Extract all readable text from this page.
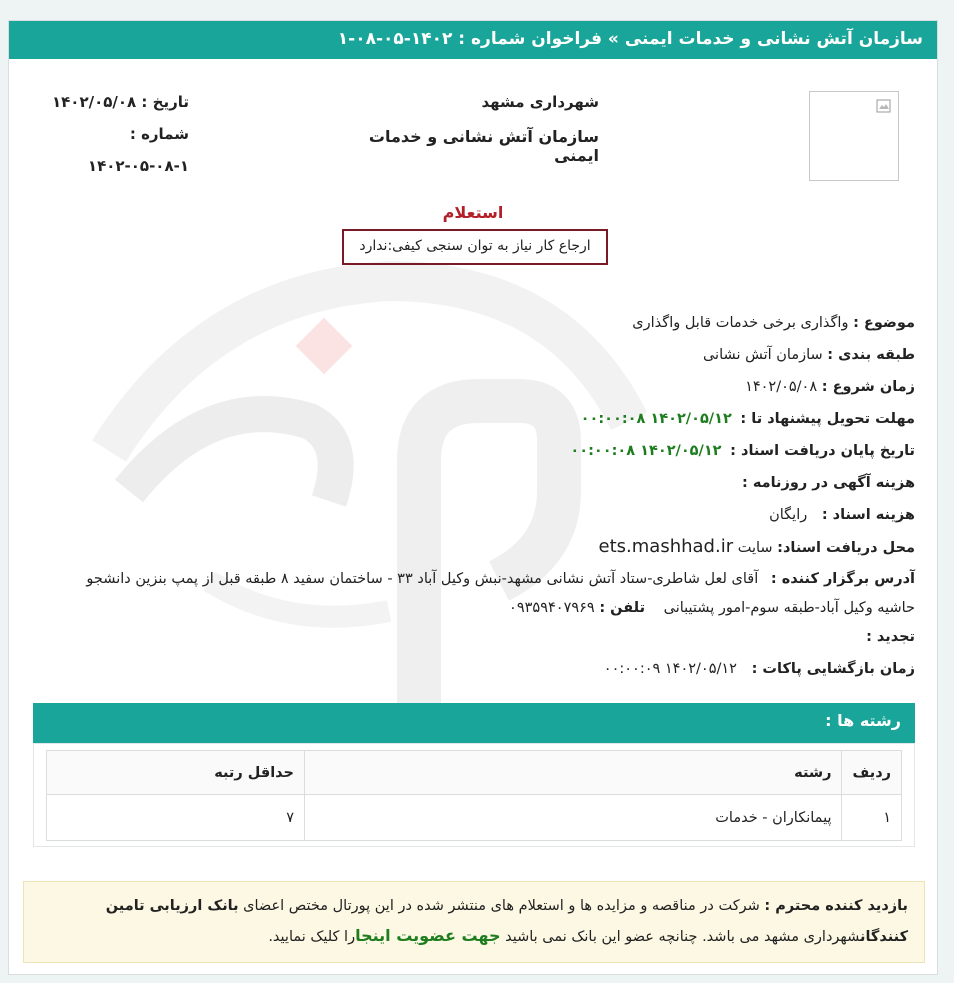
سازمان آتش نشانی و خدمات ایمنی » فراخوان شماره : ۱۴۰۲-۰۵-۰۸-۱
شهرداری مشهد
سازمان آتش نشانی و خدمات ایمنی
تاریخ : ۱۴۰۲/۰۵/۰۸
شماره :
۱۴۰۲-۰۵-۰۸-۱
استعلام
ارجاع کار نیاز به توان سنجی کیفی:ندارد
موضوع : واگذاری برخی خدمات قابل واگذاری
طبقه بندی : سازمان آتش نشانی
زمان شروع : ۱۴۰۲/۰۵/۰۸
مهلت تحویل پیشنهاد تا : ۱۴۰۲/۰۵/۱۲ ۰۰:۰۰:۰۸
تاریخ پایان دریافت اسناد : ۱۴۰۲/۰۵/۱۲ ۰۰:۰۰:۰۸
هزینه آگهی در روزنامه :
هزینه اسناد : رایگان
محل دریافت اسناد: سایت ets.mashhad.ir
آدرس برگزار کننده : آقای لعل شاطری-ستاد آتش نشانی مشهد-نبش وکیل آباد ۳۳ - ساختمان سفید ۸ طبقه قبل از پمپ بنزین دانشجو حاشیه وکیل آباد-طبقه سوم-امور پشتیبانی تلفن : ۰۹۳۵۹۴۰۷۹۶۹
تجدید :
زمان بازگشایی پاکات : ۱۴۰۲/۰۵/۱۲ ۰۰:۰۰:۰۹
رشته ها :
ردیف	رشته	حداقل رتبه
۱	پیمانکاران - خدمات	۷
بازدید کننده محترم : شرکت در مناقصه و مزایده ها و استعلام های منتشر شده در این پورتال مختص اعضای بانک ارزیابی تامین کنندگانشهرداری مشهد می باشد. چنانچه عضو این بانک نمی باشید جهت عضویت اینجارا کلیک نمایید.
